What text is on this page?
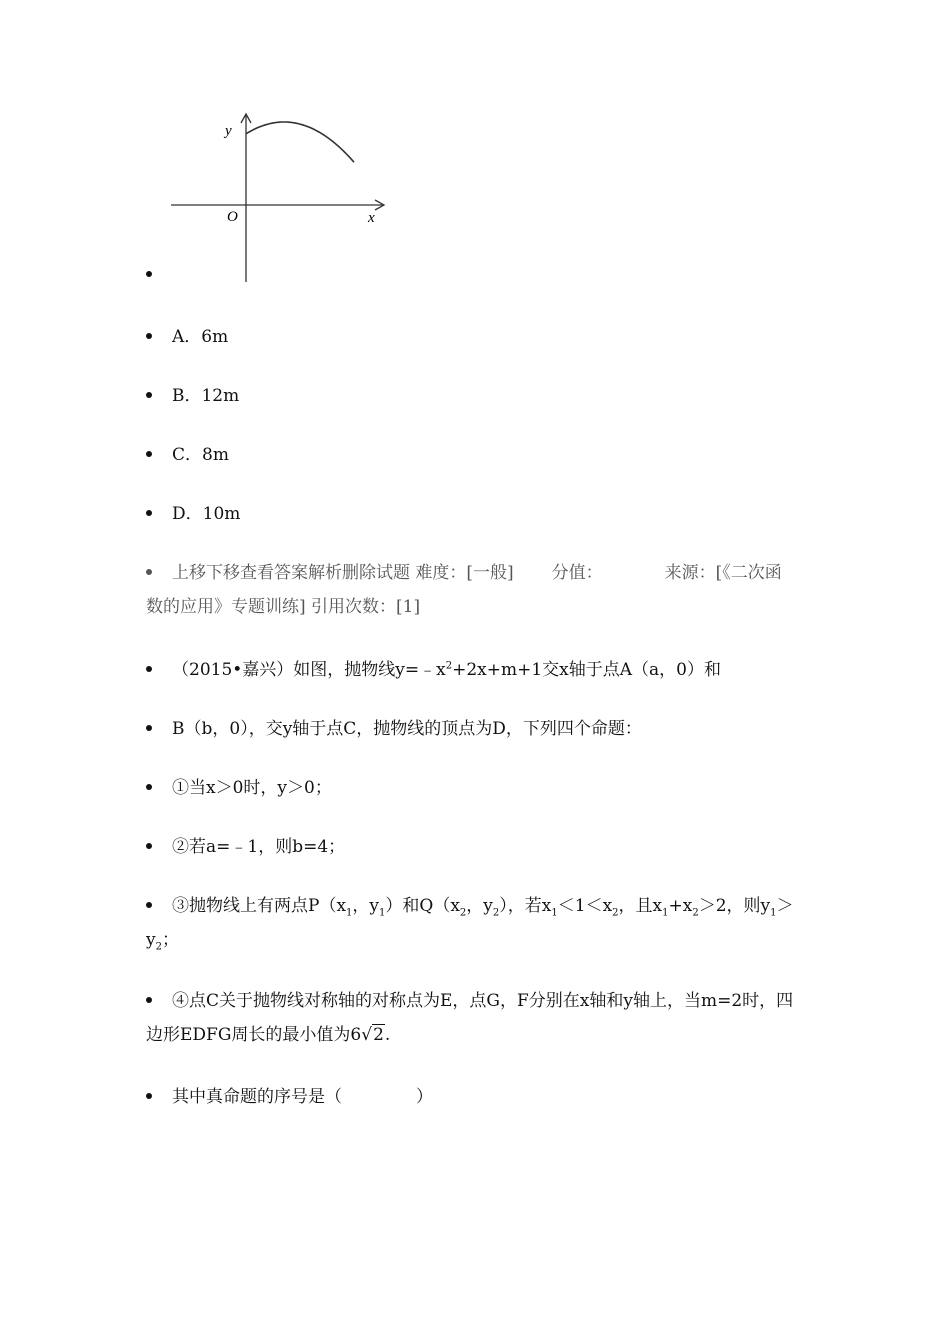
y
x
O
A．6m
B．12m
C．8m
D．10m
上移下移查看答案解析删除试题 难度：[一般] 分值：	来源：[《二次函数的应用》专题训练] 引用次数：[1]
（2015•嘉兴）如图，抛物线$y=﹣x^2+2x+m+1$交x轴于点A（a，0）和
B（b，0），交y轴于点C，抛物线的顶点为D，下列四个命题：
①当x＞0时，y＞0；
②若a=﹣1，则b=4；
③抛物线上有两点$P(x_1$，$y_1$）和$Q(x_2$，$y_2$），若$x_1<1<x_2$，且$x_1+x_2>2$，则$y_1>y_2$；
④点C关于抛物线对称轴的对称点为E，点G，F分别在x轴和y轴上，当m=2时，四边形EDFG周长的最小值为6√2.
其中真命题的序号是（	）
